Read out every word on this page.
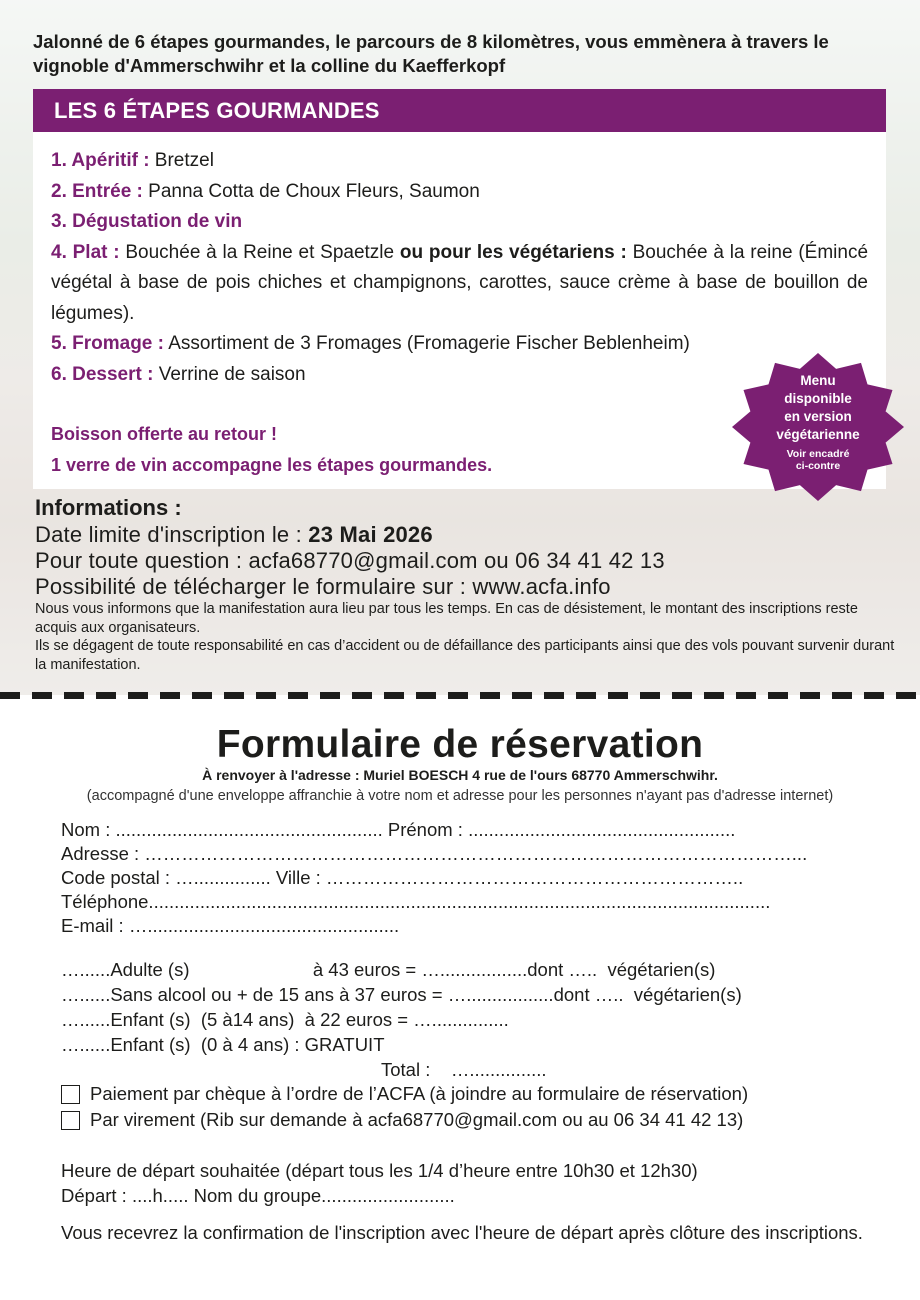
Jalonné de 6 étapes gourmandes, le parcours de 8 kilomètres, vous emmènera à travers le vignoble d'Ammerschwihr et la colline du Kaefferkopf
LES 6 ÉTAPES GOURMANDES
1. Apéritif : Bretzel
2. Entrée : Panna Cotta de Choux Fleurs, Saumon
3. Dégustation de vin
4. Plat : Bouchée à la Reine et Spaetzle ou pour les végétariens : Bouchée à la reine (Émincé végétal à base de pois chiches et champignons, carottes, sauce crème à base de bouillon de légumes).
5. Fromage : Assortiment de 3 Fromages (Fromagerie Fischer Beblenheim)
6. Dessert : Verrine de saison
Boisson offerte au retour !
1 verre de vin accompagne les étapes gourmandes.
Menu
disponible
en version
végétarienne
Voir encadré
ci-contre
Informations :
Date limite d'inscription le : 23 Mai 2026
Pour toute question : acfa68770@gmail.com ou 06 34 41 42 13
Possibilité de télécharger le formulaire sur : www.acfa.info

Nous vous informons que la manifestation aura lieu par tous les temps. En cas de désistement, le montant des inscriptions reste acquis aux organisateurs.

Ils se dégagent de toute responsabilité en cas d’accident ou de défaillance des participants ainsi que des vols pouvant survenir durant la manifestation.

Formulaire de réservation
À renvoyer à l'adresse : Muriel BOESCH 4 rue de l'ours 68770 Ammerschwihr.
(accompagné d'une enveloppe affranchie à votre nom et adresse pour les personnes n'ayant pas d'adresse internet)
Nom : .................................................... Prénom : ....................................................
Adresse : ……………………………………………………………………………………………...
Code postal : …............... Ville : …………………………………………………………..
Téléphone.........................................................................................................................
E-mail : ….................................................
…......Adulte (s)                        à 43 euros = ….................dont …..  végétarien(s)
…......Sans alcool ou + de 15 ans à 37 euros = ….................dont …..  végétarien(s)
…......Enfant (s)  (5 à14 ans)  à 22 euros = …...............
…......Enfant (s)  (0 à 4 ans) : GRATUIT
Total :    …...............
Paiement par chèque à l’ordre de l’ACFA (à joindre au formulaire de réservation)
Par virement (Rib sur demande à acfa68770@gmail.com ou au 06 34 41 42 13)
Heure de départ souhaitée (départ tous les 1/4 d’heure entre 10h30 et 12h30)
Départ : ....h..... Nom du groupe..........................
Vous recevrez la confirmation de l'inscription avec l'heure de départ après clôture des inscriptions.
